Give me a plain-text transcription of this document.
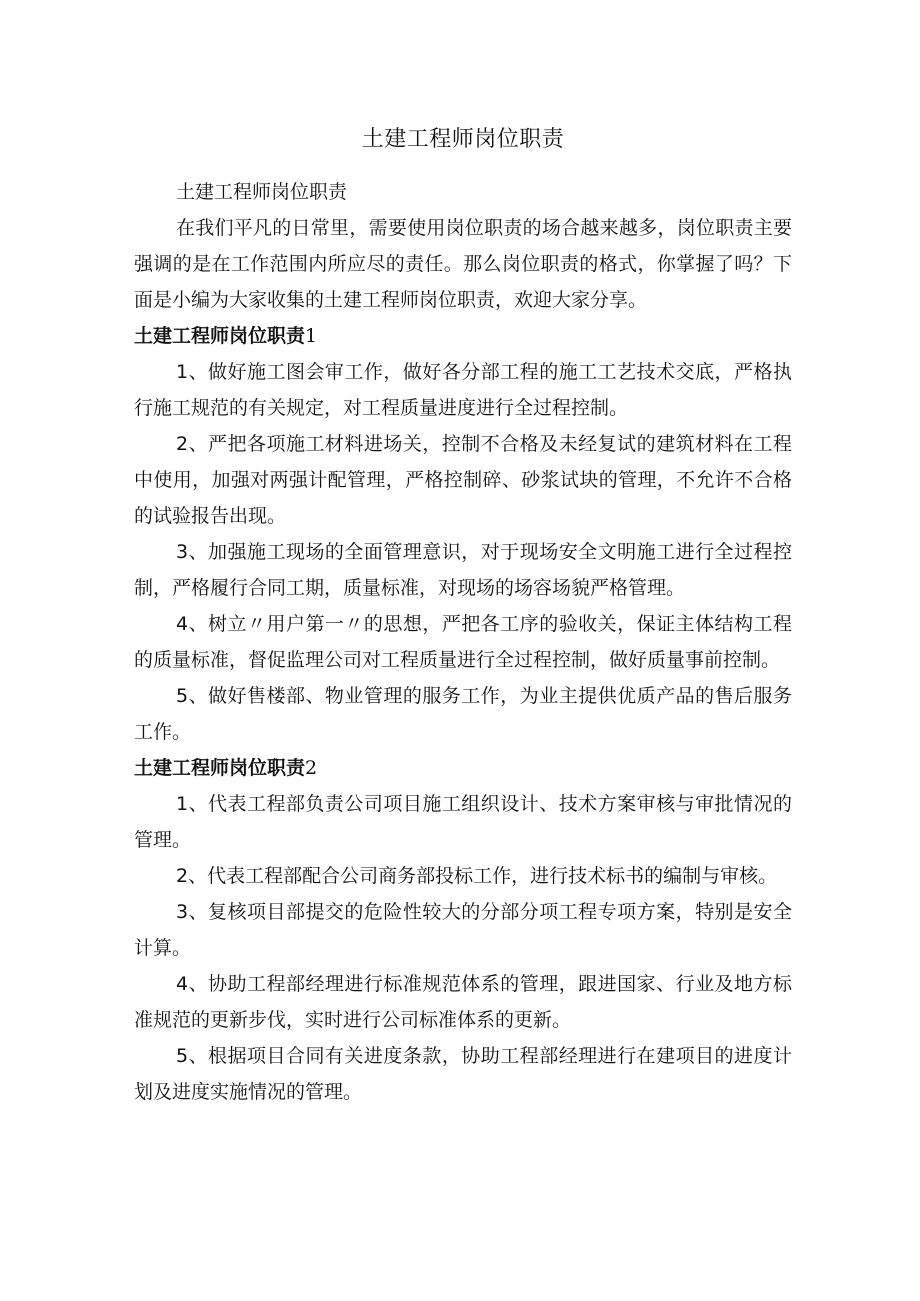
土建工程师岗位职责
土建工程师岗位职责

在我们平凡的日常里，需要使用岗位职责的场合越来越多，岗位职责主要强调的是在工作范围内所应尽的责任。那么岗位职责的格式，你掌握了吗？下面是小编为大家收集的土建工程师岗位职责，欢迎大家分享。

土建工程师岗位职责1

1、做好施工图会审工作，做好各分部工程的施工工艺技术交底，严格执行施工规范的有关规定，对工程质量进度进行全过程控制。

2、严把各项施工材料进场关，控制不合格及未经复试的建筑材料在工程中使用，加强对两强计配管理，严格控制碎、砂浆试块的管理，不允许不合格的试验报告出现。

3、加强施工现场的全面管理意识，对于现场安全文明施工进行全过程控制，严格履行合同工期，质量标准，对现场的场容场貌严格管理。

4、树立〃用户第一〃的思想，严把各工序的验收关，保证主体结构工程的质量标准，督促监理公司对工程质量进行全过程控制，做好质量事前控制。

5、做好售楼部、物业管理的服务工作，为业主提供优质产品的售后服务工作。

土建工程师岗位职责2

1、代表工程部负责公司项目施工组织设计、技术方案审核与审批情况的管理。

2、代表工程部配合公司商务部投标工作，进行技术标书的编制与审核。

3、复核项目部提交的危险性较大的分部分项工程专项方案，特别是安全计算。

4、协助工程部经理进行标准规范体系的管理，跟进国家、行业及地方标准规范的更新步伐，实时进行公司标准体系的更新。

5、根据项目合同有关进度条款，协助工程部经理进行在建项目的进度计划及进度实施情况的管理。
